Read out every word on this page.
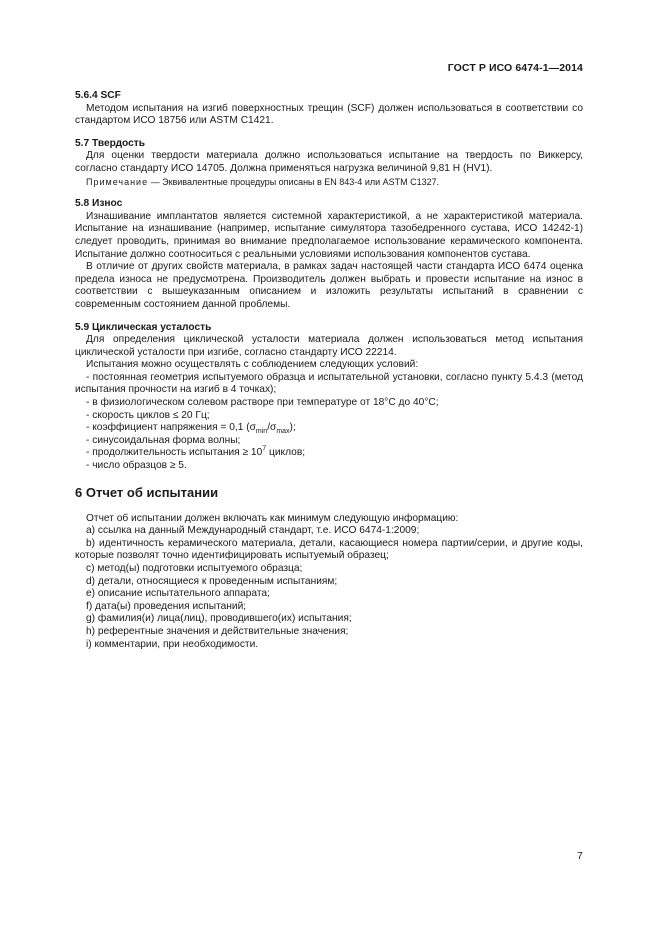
ГОСТ Р ИСО 6474-1—2014

5.6.4 SCF

Методом испытания на изгиб поверхностных трещин (SCF) должен использоваться в соответствии со стандартом ИСО 18756 или ASTM C1421.

5.7 Твердость

Для оценки твердости материала должно использоваться испытание на твердость по Виккерсу, согласно стандарту ИСО 14705. Должна применяться нагрузка величиной 9,81 Н (HV1).

Примечание — Эквивалентные процедуры описаны в EN 843-4 или ASTM C1327.

5.8 Износ

Изнашивание имплантатов является системной характеристикой, а не характеристикой материала. Испытание на изнашивание (например, испытание симулятора тазобедренного сустава, ИСО 14242-1) следует проводить, принимая во внимание предполагаемое использование керамического компонента. Испытание должно соотноситься с реальными условиями использования компонентов сустава.

В отличие от других свойств материала, в рамках задач настоящей части стандарта ИСО 6474 оценка предела износа не предусмотрена. Производитель должен выбрать и провести испытание на износ в соответствии с вышеуказанным описанием и изложить результаты испытаний в сравнении с современным состоянием данной проблемы.

5.9 Циклическая усталость

Для определения циклической усталости материала должен использоваться метод испытания циклической усталости при изгибе, согласно стандарту ИСО 22214.

Испытания можно осуществлять с соблюдением следующих условий:

- постоянная геометрия испытуемого образца и испытательной установки, согласно пункту 5.4.3 (метод испытания прочности на изгиб в 4 точках);

- в физиологическом солевом растворе при температуре от 18°C до 40°C;

- скорость циклов ≤ 20 Гц;

- коэффициент напряжения = 0,1 $(\sigma_{min}/\sigma_{max})$;

- синусоидальная форма волны;

- продолжительность испытания ≥ $10^7$ циклов;

- число образцов ≥ 5.

6 Отчет об испытании

Отчет об испытании должен включать как минимум следующую информацию:

a) ссылка на данный Международный стандарт, т.е. ИСО 6474-1:2009;

b) идентичность керамического материала, детали, касающиеся номера партии/серии, и другие коды, которые позволят точно идентифицировать испытуемый образец;

c) метод(ы) подготовки испытуемого образца;

d) детали, относящиеся к проведенным испытаниям;

e) описание испытательного аппарата;

f) дата(ы) проведения испытаний;

g) фамилия(и) лица(лиц), проводившего(их) испытания;

h) референтные значения и действительные значения;

i) комментарии, при необходимости.

7
